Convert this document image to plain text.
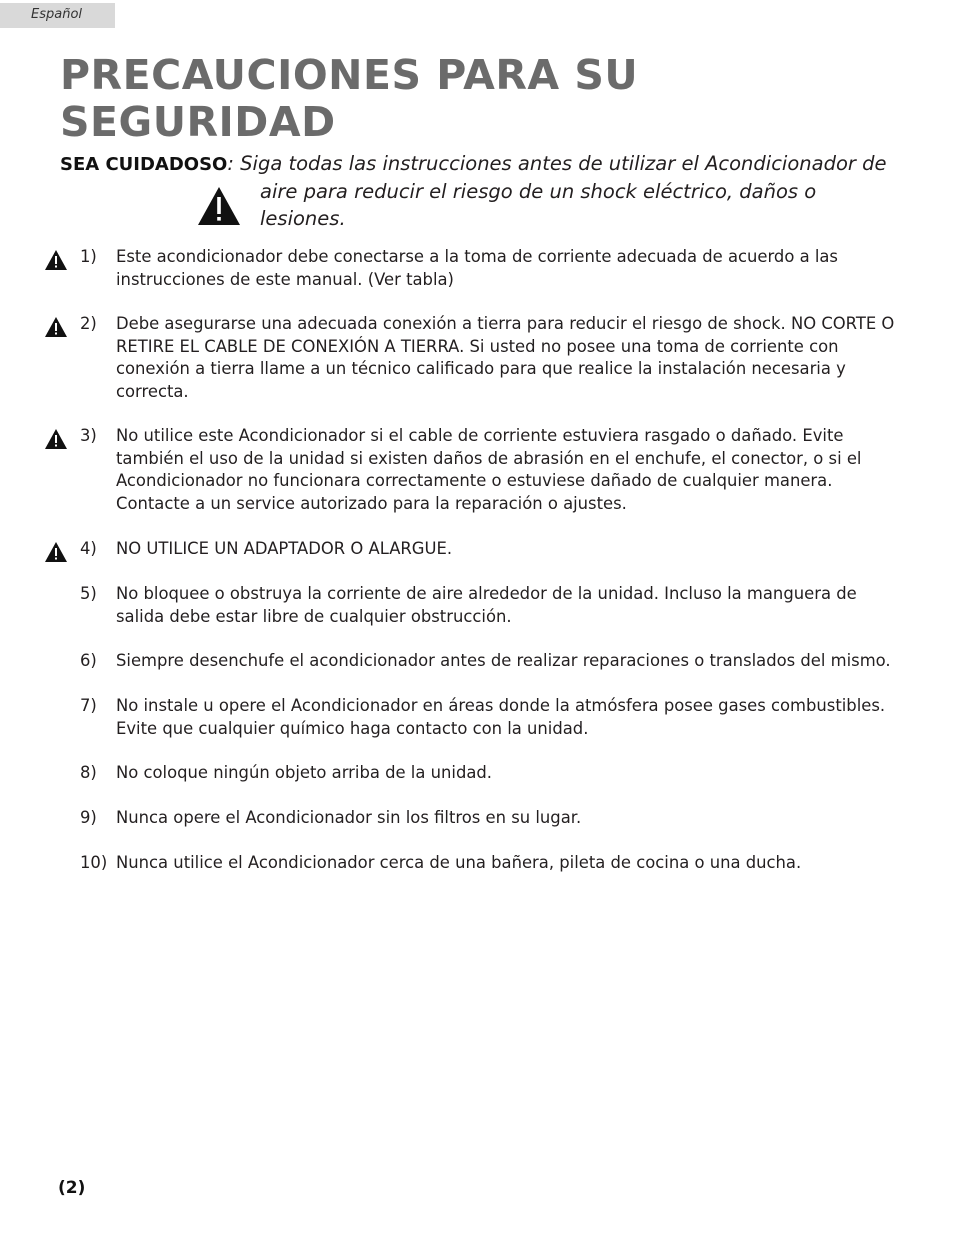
Español
PRECAUCIONES PARA SU
SEGURIDAD
SEA CUIDADOSO: Siga todas las instrucciones antes de utilizar el Acondicionador de
aire para reducir el riesgo de un shock eléctrico, daños o lesiones.
1) Este acondicionador debe conectarse a la toma de corriente adecuada de acuerdo a las instrucciones de este manual. (Ver tabla)
2) Debe asegurarse una adecuada conexión a tierra para reducir el riesgo de shock. NO CORTE O RETIRE EL CABLE DE CONEXIÓN A TIERRA. Si usted no posee una toma de corriente con conexión a tierra llame a un técnico calificado para que realice la instalación necesaria y correcta.
3) No utilice este Acondicionador si el cable de corriente estuviera rasgado o dañado. Evite también el uso de la unidad si existen daños de abrasión en el enchufe, el conector, o si el Acondicionador no funcionara correctamente o estuviese dañado de cualquier manera. Contacte a un service autorizado para la reparación o ajustes.
4) NO UTILICE UN ADAPTADOR O ALARGUE.
5) No bloquee o obstruya la corriente de aire alrededor de la unidad. Incluso la manguera de salida debe estar libre de cualquier obstrucción.
6) Siempre desenchufe el acondicionador antes de realizar reparaciones o translados del mismo.
7) No instale u opere el Acondicionador en áreas donde la atmósfera posee gases combustibles. Evite que cualquier químico haga contacto con la unidad.
8) No coloque ningún objeto arriba de la unidad.
9) Nunca opere el Acondicionador sin los filtros en su lugar.
10) Nunca utilice el Acondicionador cerca de una bañera, pileta de cocina o una ducha.
(2)
